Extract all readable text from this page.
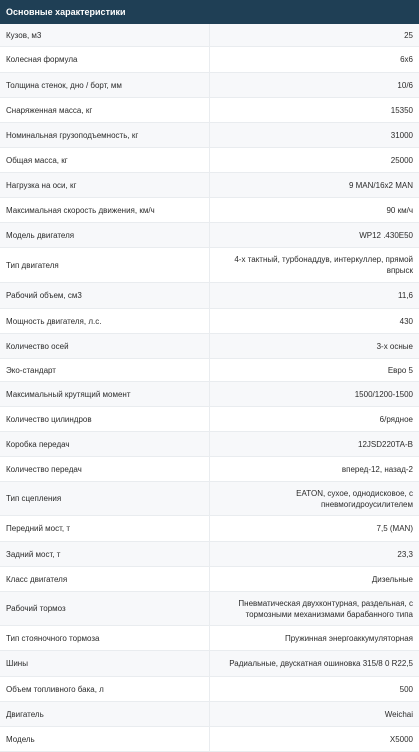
Основные характеристики	
Кузов, м3	25
Колесная формула	6х6
Толщина стенок, дно / борт, мм	10/6
Снаряженная масса, кг	15350
Номинальная грузоподъемность, кг	31000
Общая масса, кг	25000
Нагрузка на оси, кг	9 MAN/16х2 MAN
Максимальная скорость движения, км/ч	90 км/ч
Модель двигателя	WP12 .430E50
Тип двигателя	4-х тактный, турбонаддув, интеркуллер, прямой впрыск
Рабочий объем, см3	11,6
Мощность двигателя, л.с.	430
Количество осей	3-х осные
Эко-стандарт	Евро 5
Максимальный крутящий момент	1500/1200-1500
Количество цилиндров	6/рядное
Коробка передач	12JSD220TA-B
Количество передач	вперед-12, назад-2
Тип сцепления	EATON, сухое, однодисковое, с пневмогидроусилителем
Передний мост, т	7,5 (MAN)
Задний мост, т	23,3
Класс двигателя	Дизельные
Рабочий тормоз	Пневматическая двухконтурная, раздельная, с тормозными механизмами барабанного типа
Тип стояночного тормоза	Пружинная энергоаккумуляторная
Шины	Радиальные, двускатная ошиновка 315/8 0 R22,5
Объем топливного бака, л	500
Двигатель	Weichai
Модель	X5000
